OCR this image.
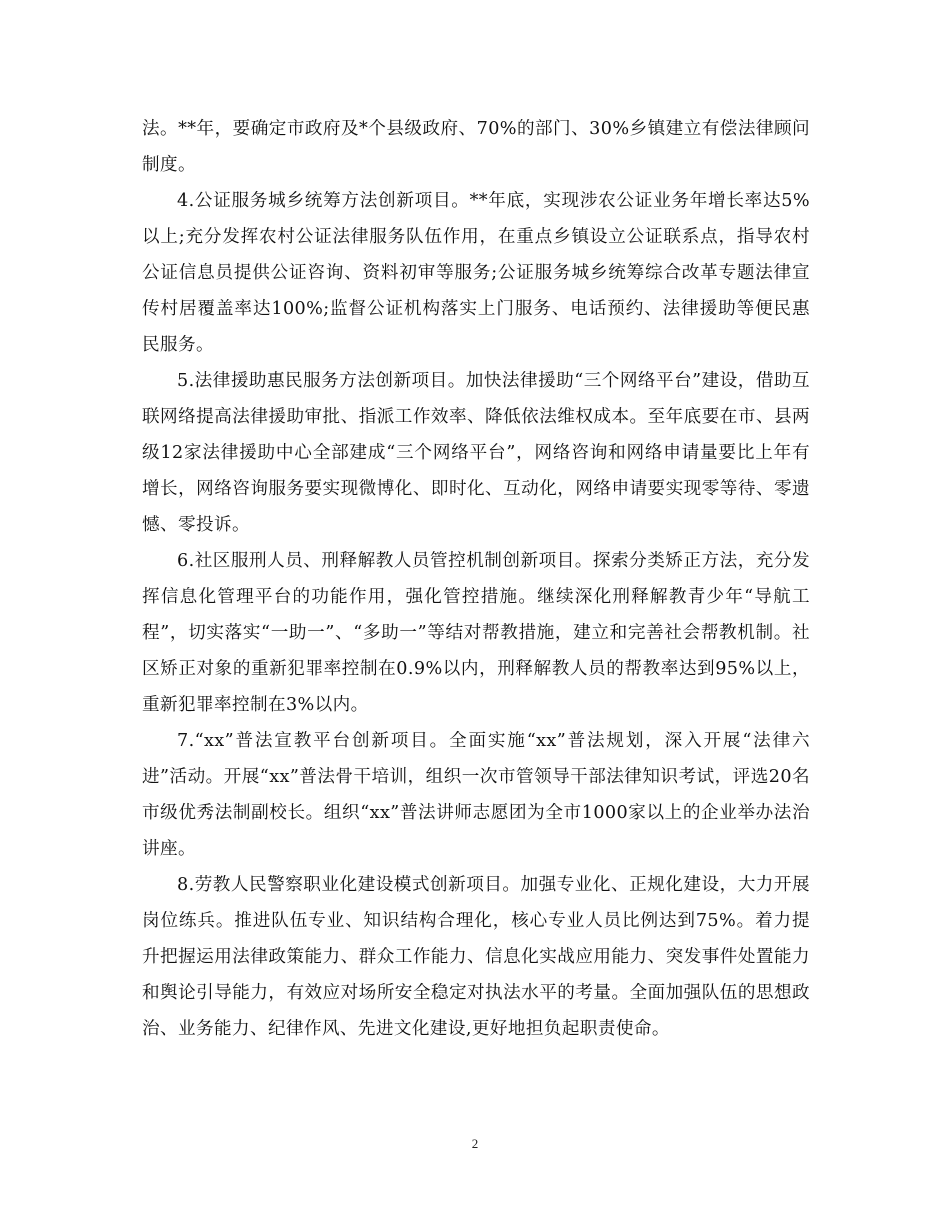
法。**年，要确定市政府及*个县级政府、70%的部门、30%乡镇建立有偿法律顾问制度。

4.公证服务城乡统筹方法创新项目。**年底，实现涉农公证业务年增长率达5%以上;充分发挥农村公证法律服务队伍作用，在重点乡镇设立公证联系点，指导农村公证信息员提供公证咨询、资料初审等服务;公证服务城乡统筹综合改革专题法律宣传村居覆盖率达100%;监督公证机构落实上门服务、电话预约、法律援助等便民惠民服务。

5.法律援助惠民服务方法创新项目。加快法律援助“三个网络平台”建设，借助互联网络提高法律援助审批、指派工作效率、降低依法维权成本。至年底要在市、县两级12家法律援助中心全部建成“三个网络平台”，网络咨询和网络申请量要比上年有增长，网络咨询服务要实现微博化、即时化、互动化，网络申请要实现零等待、零遗憾、零投诉。

6.社区服刑人员、刑释解教人员管控机制创新项目。探索分类矫正方法，充分发挥信息化管理平台的功能作用，强化管控措施。继续深化刑释解教青少年“导航工程”，切实落实“一助一”、“多助一”等结对帮教措施，建立和完善社会帮教机制。社区矫正对象的重新犯罪率控制在0.9%以内，刑释解教人员的帮教率达到95%以上，重新犯罪率控制在3%以内。

7.“xx”普法宣教平台创新项目。全面实施“xx”普法规划，深入开展“法律六进”活动。开展“xx”普法骨干培训，组织一次市管领导干部法律知识考试，评选20名市级优秀法制副校长。组织“xx”普法讲师志愿团为全市1000家以上的企业举办法治讲座。

8.劳教人民警察职业化建设模式创新项目。加强专业化、正规化建设，大力开展岗位练兵。推进队伍专业、知识结构合理化，核心专业人员比例达到75%。着力提升把握运用法律政策能力、群众工作能力、信息化实战应用能力、突发事件处置能力和舆论引导能力，有效应对场所安全稳定对执法水平的考量。全面加强队伍的思想政治、业务能力、纪律作风、先进文化建设,更好地担负起职责使命。

2
